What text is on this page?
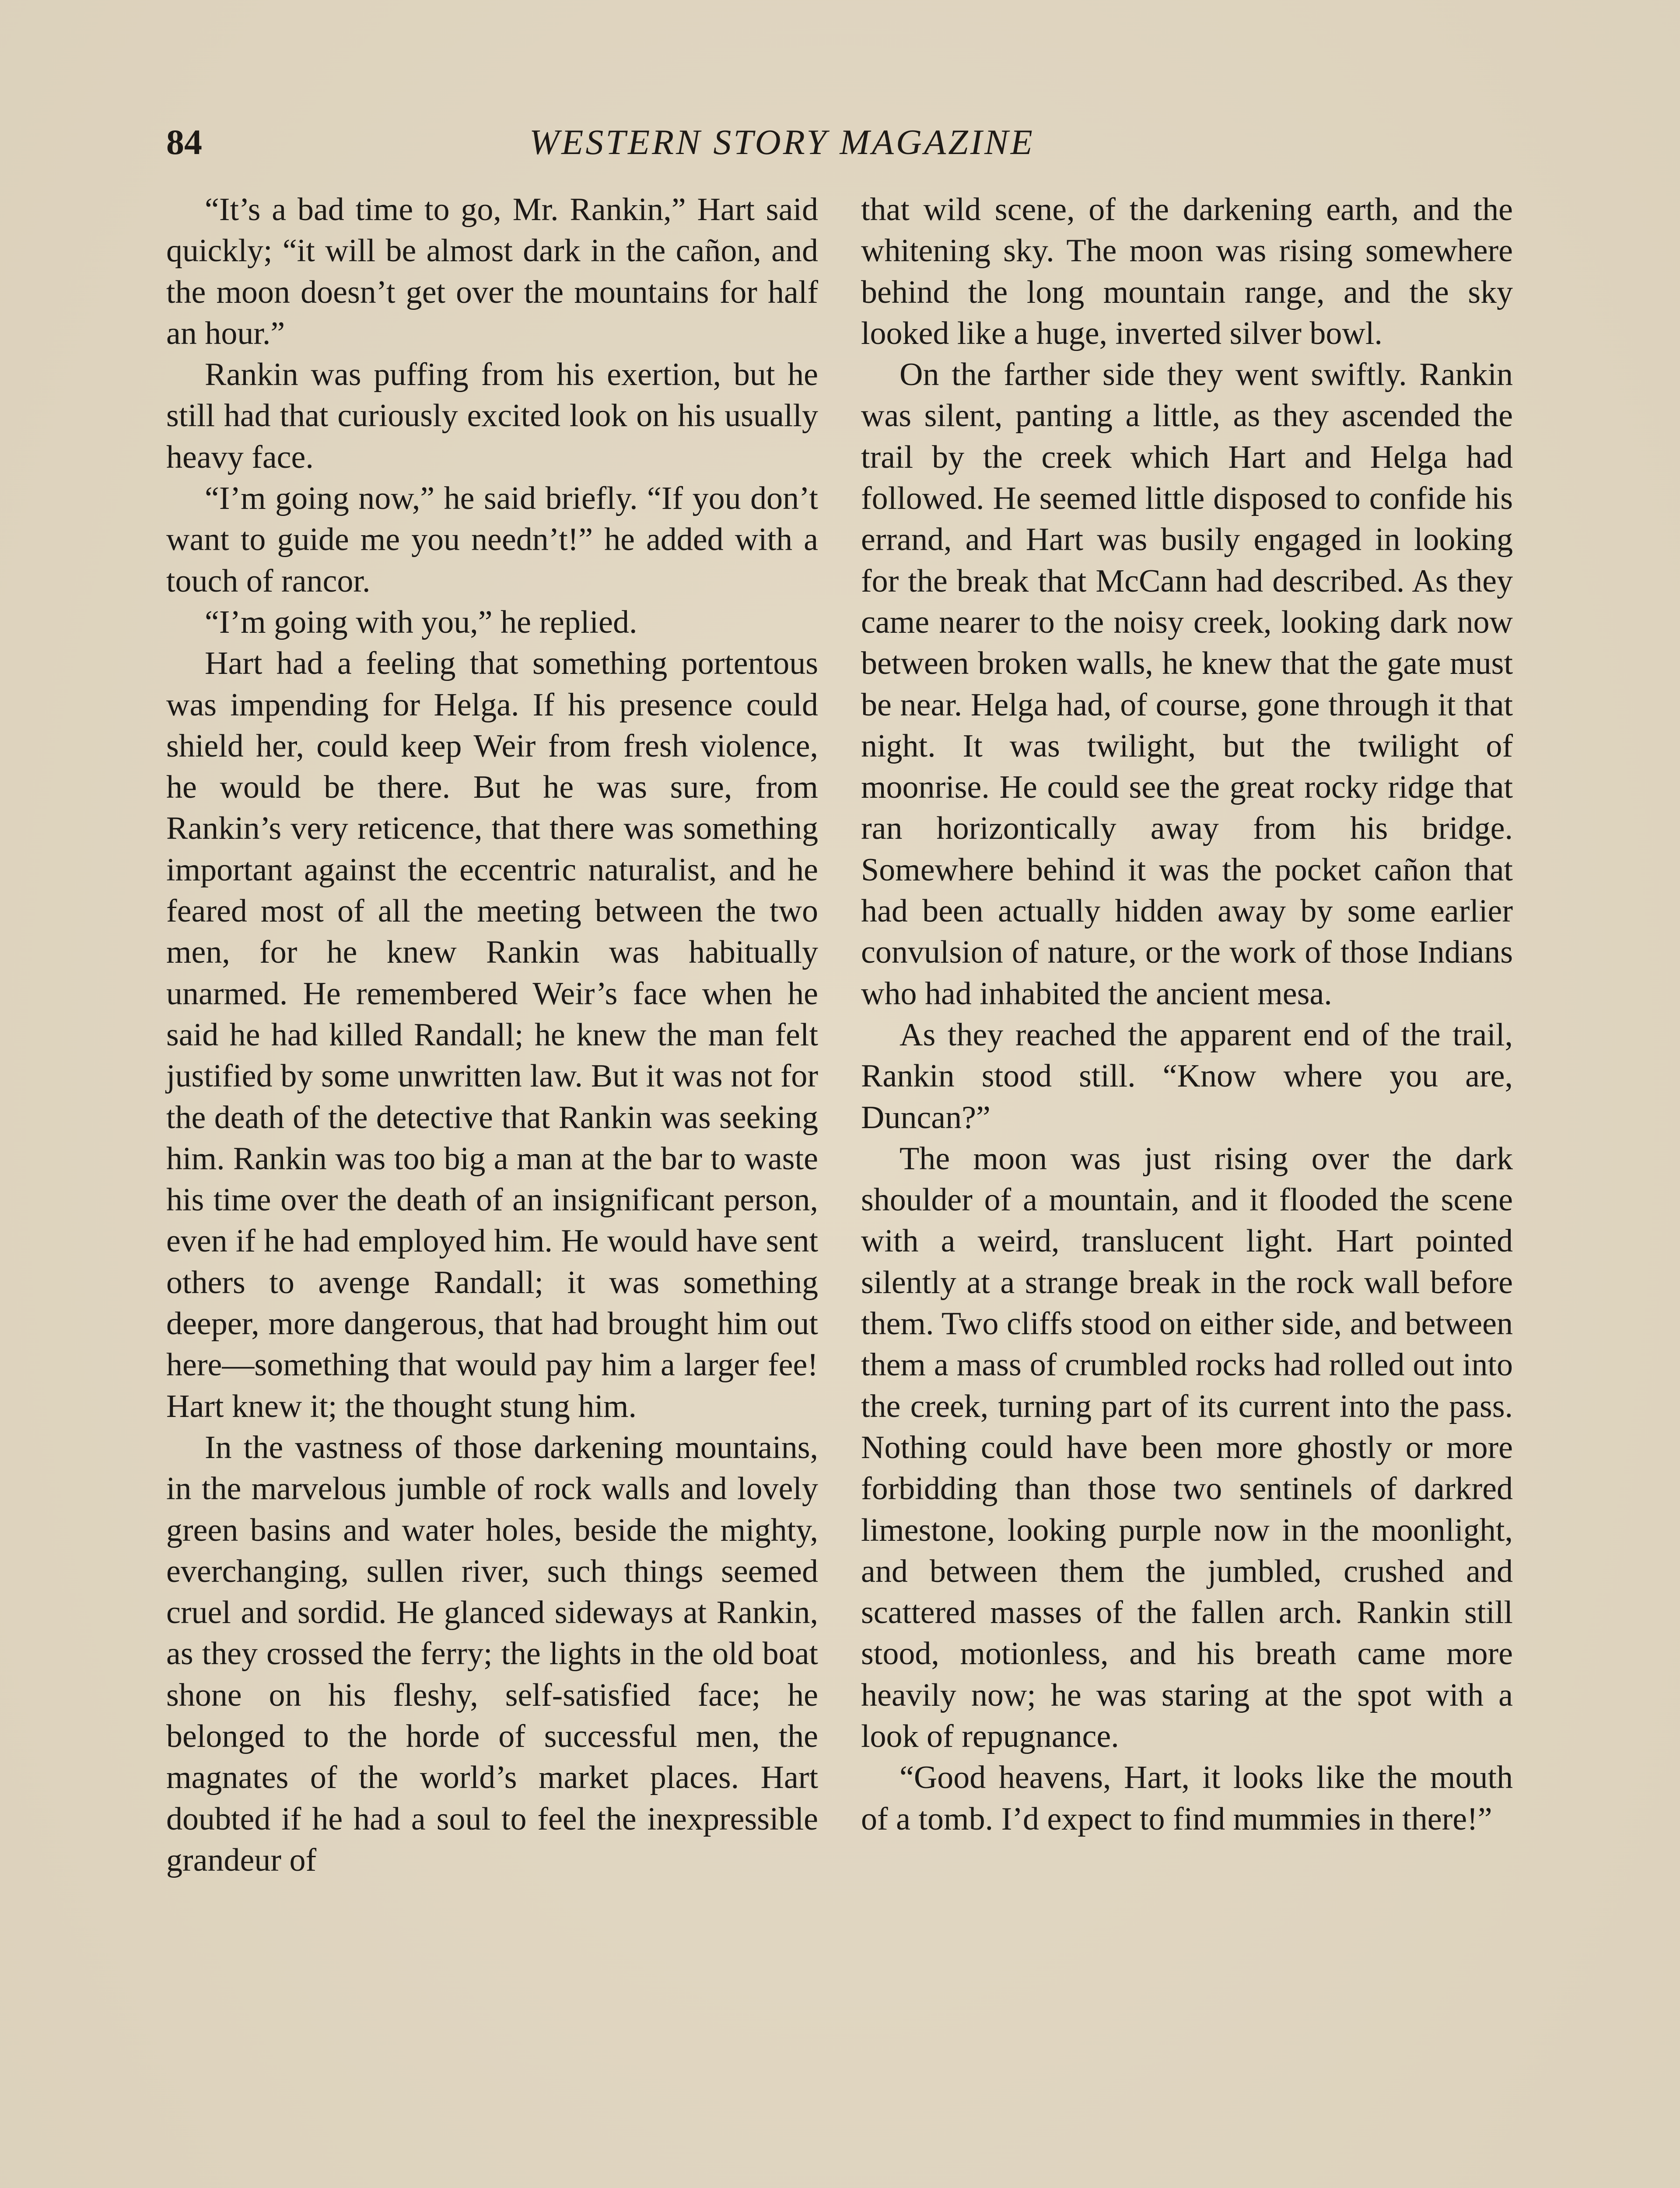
84	WESTERN STORY MAGAZINE

“It’s a bad time to go, Mr. Rankin,” Hart said quickly; “it will be almost dark in the cañon, and the moon doesn’t get over the mountains for half an hour.”

Rankin was puffing from his exertion, but he still had that curiously excited look on his usually heavy face.

“I’m going now,” he said briefly. “If you don’t want to guide me you needn’t!” he added with a touch of rancor.

“I’m going with you,” he replied.

Hart had a feeling that something portentous was impending for Helga. If his presence could shield her, could keep Weir from fresh violence, he would be there. But he was sure, from Rankin’s very reticence, that there was something important against the eccentric naturalist, and he feared most of all the meeting between the two men, for he knew Rankin was habitually unarmed. He remembered Weir’s face when he said he had killed Randall; he knew the man felt justified by some unwritten law. But it was not for the death of the detective that Rankin was seeking him. Rankin was too big a man at the bar to waste his time over the death of an insignificant person, even if he had employed him. He would have sent others to avenge Randall; it was something deeper, more dangerous, that had brought him out here—something that would pay him a larger fee! Hart knew it; the thought stung him.

In the vastness of those darkening mountains, in the marvelous jumble of rock walls and lovely green basins and water holes, beside the mighty, everchanging, sullen river, such things seemed cruel and sordid. He glanced sideways at Rankin, as they crossed the ferry; the lights in the old boat shone on his fleshy, self-satisfied face; he belonged to the horde of successful men, the magnates of the world’s market places. Hart doubted if he had a soul to feel the inexpressible grandeur of

that wild scene, of the darkening earth, and the whitening sky. The moon was rising somewhere behind the long mountain range, and the sky looked like a huge, inverted silver bowl.

On the farther side they went swiftly. Rankin was silent, panting a little, as they ascended the trail by the creek which Hart and Helga had followed. He seemed little disposed to confide his errand, and Hart was busily engaged in looking for the break that McCann had described. As they came nearer to the noisy creek, looking dark now between broken walls, he knew that the gate must be near. Helga had, of course, gone through it that night. It was twilight, but the twilight of moonrise. He could see the great rocky ridge that ran horizontically away from his bridge. Somewhere behind it was the pocket cañon that had been actually hidden away by some earlier convulsion of nature, or the work of those Indians who had inhabited the ancient mesa.

As they reached the apparent end of the trail, Rankin stood still. “Know where you are, Duncan?”

The moon was just rising over the dark shoulder of a mountain, and it flooded the scene with a weird, translucent light. Hart pointed silently at a strange break in the rock wall before them. Two cliffs stood on either side, and between them a mass of crumbled rocks had rolled out into the creek, turning part of its current into the pass. Nothing could have been more ghostly or more forbidding than those two sentinels of darkred limestone, looking purple now in the moonlight, and between them the jumbled, crushed and scattered masses of the fallen arch. Rankin still stood, motionless, and his breath came more heavily now; he was staring at the spot with a look of repugnance.

“Good heavens, Hart, it looks like the mouth of a tomb. I’d expect to find mummies in there!”
